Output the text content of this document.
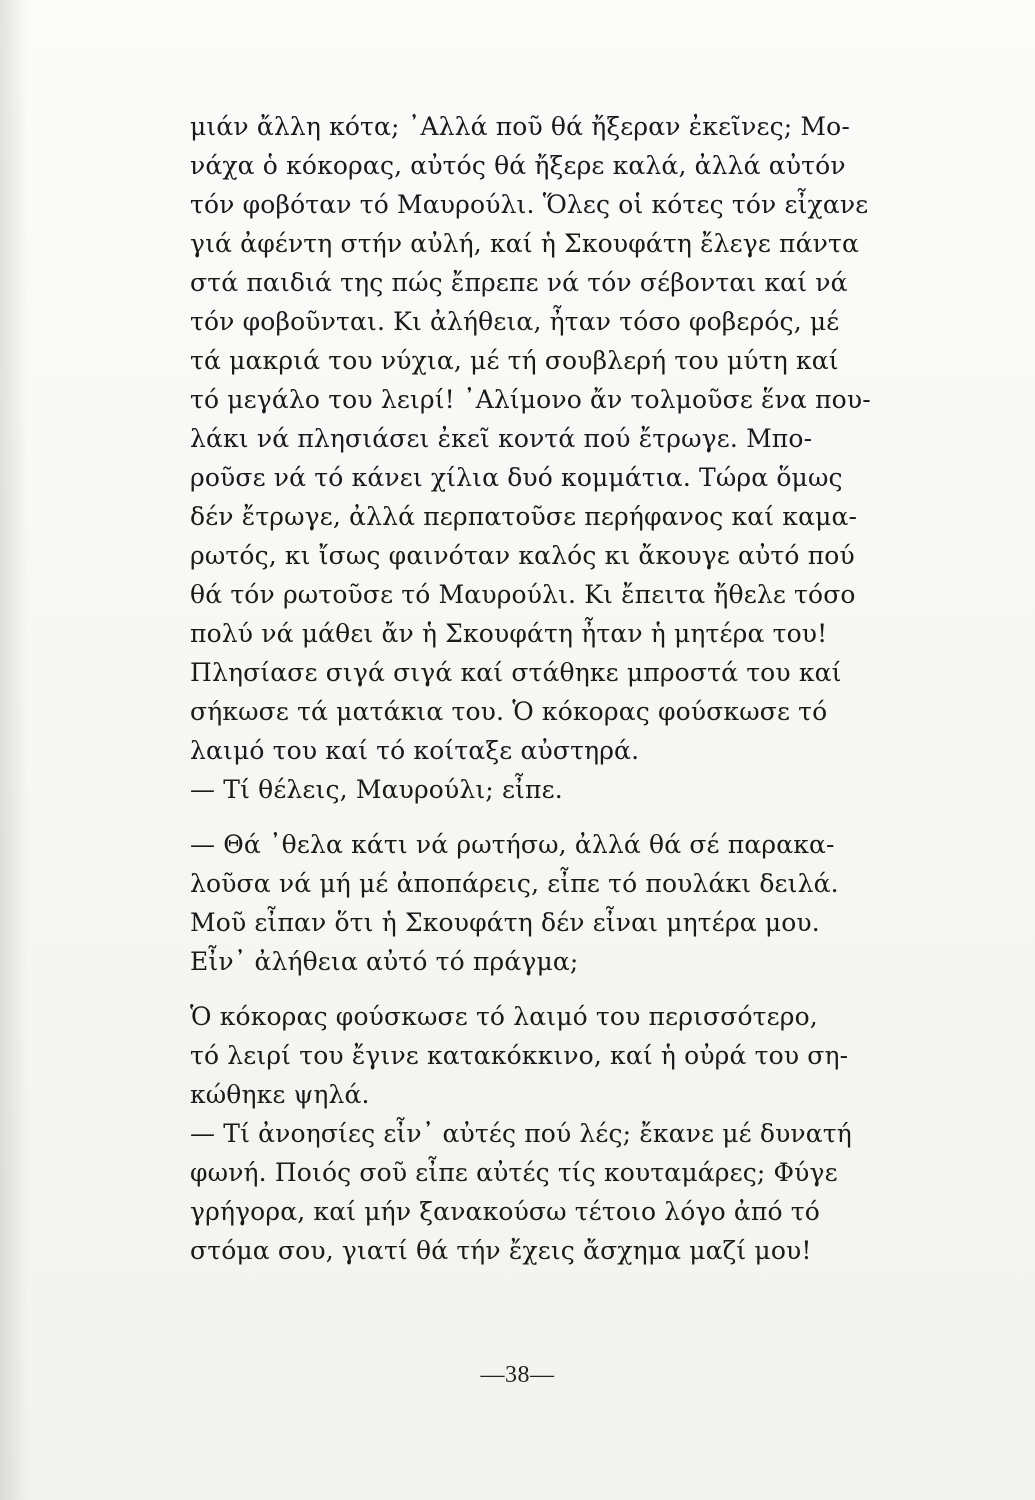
μιάν ἄλλη κότα; ᾿Αλλά ποῦ θά ἤξεραν ἐκεῖνες; Μο-
νάχα ὁ κόκορας, αὐτός θά ἤξερε καλά, ἀλλά αὐτόν
τόν φοβόταν τό Μαυρούλι. Ὅλες οἱ κότες τόν εἶχανε
γιά ἀφέντη στήν αὐλή, καί ἡ Σκουφάτη ἔλεγε πάντα
στά παιδιά της πώς ἔπρεπε νά τόν σέβονται καί νά
τόν φοβοῦνται. Κι ἀλήθεια, ἦταν τόσο φοβερός, μέ
τά μακριά του νύχια, μέ τή σουβλερή του μύτη καί
τό μεγάλο του λειρί! ᾿Αλίμονο ἄν τολμοῦσε ἕνα που-
λάκι νά πλησιάσει ἐκεῖ κοντά πού ἔτρωγε. Μπο-
ροῦσε νά τό κάνει χίλια δυό κομμάτια. Τώρα ὅμως
δέν ἔτρωγε, ἀλλά περπατοῦσε περήφανος καί καμα-
ρωτός, κι ἴσως φαινόταν καλός κι ἄκουγε αὐτό πού
θά τόν ρωτοῦσε τό Μαυρούλι. Κι ἔπειτα ἤθελε τόσο
πολύ νά μάθει ἄν ἡ Σκουφάτη ἦταν ἡ μητέρα του!
Πλησίασε σιγά σιγά καί στάθηκε μπροστά του καί
σήκωσε τά ματάκια του. Ὁ κόκορας φούσκωσε τό
λαιμό του καί τό κοίταξε αὐστηρά.
— Τί θέλεις, Μαυρούλι; εἶπε.
— Θά ᾿θελα κάτι νά ρωτήσω, ἀλλά θά σέ παρακα-
λοῦσα νά μή μέ ἀποπάρεις, εἶπε τό πουλάκι δειλά.
Μοῦ εἶπαν ὅτι ἡ Σκουφάτη δέν εἶναι μητέρα μου.
Εἶν᾿ ἀλήθεια αὐτό τό πράγμα;
Ὁ κόκορας φούσκωσε τό λαιμό του περισσότερο,
τό λειρί του ἔγινε κατακόκκινο, καί ἡ οὐρά του ση-
κώθηκε ψηλά.
— Τί ἀνοησίες εἶν᾿ αὐτές πού λές; ἔκανε μέ δυνατή
φωνή. Ποιός σοῦ εἶπε αὐτές τίς κουταμάρες; Φύγε
γρήγορα, καί μήν ξανακούσω τέτοιο λόγο ἀπό τό
στόμα σου, γιατί θά τήν ἔχεις ἄσχημα μαζί μου!
—38—
